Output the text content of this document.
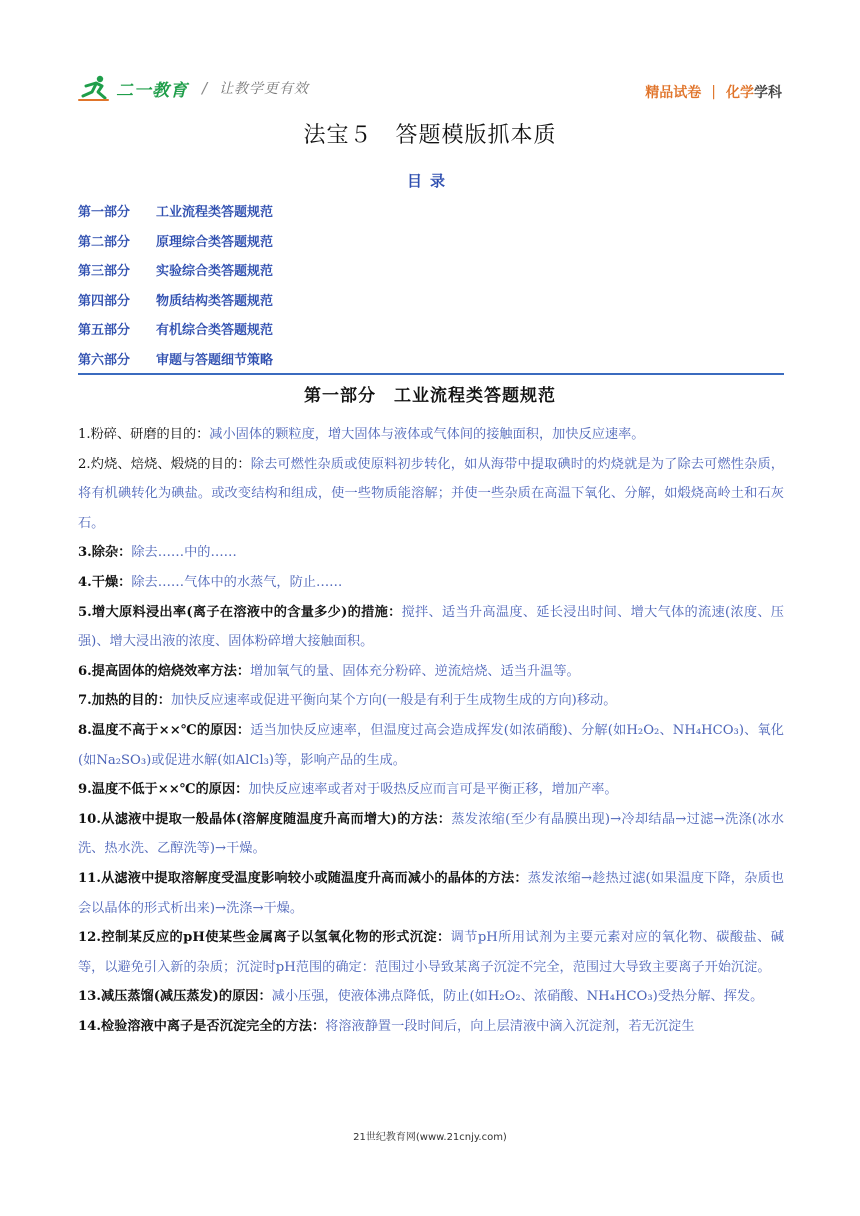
二一教育 / 让教学更有效	精品试卷 | 化学 学科
法宝５　答题模版抓本质
目录
第一部分 工业流程类答题规范
第二部分 原理综合类答题规范
第三部分 实验综合类答题规范
第四部分 物质结构类答题规范
第五部分 有机综合类答题规范
第六部分 审题与答题细节策略
第一部分　工业流程类答题规范
1.粉碎、研磨的目的：减小固体的颗粒度，增大固体与液体或气体间的接触面积，加快反应速率。
2.灼烧、焙烧、煅烧的目的：除去可燃性杂质或使原料初步转化，如从海带中提取碘时的灼烧就是为了除去可燃性杂质，将有机碘转化为碘盐。或改变结构和组成，使一些物质能溶解；并使一些杂质在高温下氧化、分解，如煅烧高岭土和石灰石。
3.除杂：除去……中的……
4.干燥：除去……气体中的水蒸气，防止……
5.增大原料浸出率(离子在溶液中的含量多少)的措施：搅拌、适当升高温度、延长浸出时间、增大气体的流速(浓度、压强)、增大浸出液的浓度、固体粉碎增大接触面积。
6.提高固体的焙烧效率方法：增加氧气的量、固体充分粉碎、逆流焙烧、适当升温等。
7.加热的目的：加快反应速率或促进平衡向某个方向(一般是有利于生成物生成的方向)移动。
8.温度不高于××℃的原因：适当加快反应速率，但温度过高会造成挥发(如浓硝酸)、分解(如H₂O₂、NH₄HCO₃)、氧化(如Na₂SO₃)或促进水解(如AlCl₃)等，影响产品的生成。
9.温度不低于××℃的原因：加快反应速率或者对于吸热反应而言可是平衡正移，增加产率。
10.从滤液中提取一般晶体(溶解度随温度升高而增大)的方法：蒸发浓缩(至少有晶膜出现)→冷却结晶→过滤→洗涤(冰水洗、热水洗、乙醇洗等)→干燥。
11.从滤液中提取溶解度受温度影响较小或随温度升高而减小的晶体的方法：蒸发浓缩→趁热过滤(如果温度下降，杂质也会以晶体的形式析出来)→洗涤→干燥。
12.控制某反应的pH使某些金属离子以氢氧化物的形式沉淀：调节pH所用试剂为主要元素对应的氧化物、碳酸盐、碱等，以避免引入新的杂质；沉淀时pH范围的确定：范围过小导致某离子沉淀不完全，范围过大导致主要离子开始沉淀。
13.减压蒸馏(减压蒸发)的原因：减小压强，使液体沸点降低，防止(如H₂O₂、浓硝酸、NH₄HCO₃)受热分解、挥发。
14.检验溶液中离子是否沉淀完全的方法：将溶液静置一段时间后，向上层清液中滴入沉淀剂，若无沉淀生
21世纪教育网(www.21cnjy.com)
